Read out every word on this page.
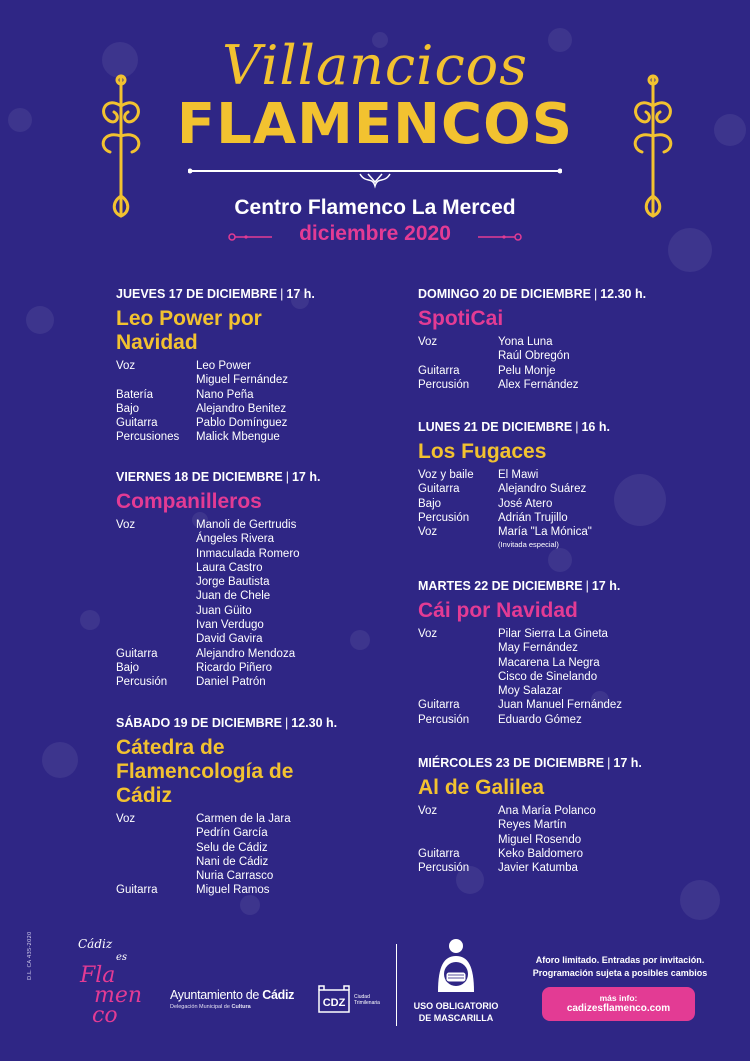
Villancicos
FLAMENCOS
Centro Flamenco La Merced
diciembre 2020
JUEVES 17 DE DICIEMBRE | 17 h.
Leo Power por
Navidad
Voz	Leo Power
Miguel Fernández
Batería	Nano Peña
Bajo	Alejandro Benitez
Guitarra	Pablo Domínguez
Percusiones	Malick Mbengue
VIERNES 18 DE DICIEMBRE | 17 h.
Companilleros
Voz	Manoli de Gertrudis
Ángeles Rivera
Inmaculada Romero
Laura Castro
Jorge Bautista
Juan de Chele
Juan Güito
Ivan Verdugo
David Gavira
Guitarra	Alejandro Mendoza
Bajo	Ricardo Piñero
Percusión	Daniel Patrón
SÁBADO 19 DE DICIEMBRE | 12.30 h.
Cátedra de
Flamencología de
Cádiz
Voz	Carmen de la Jara
Pedrín García
Selu de Cádiz
Nani de Cádiz
Nuria Carrasco
Guitarra	Miguel Ramos
DOMINGO 20 DE DICIEMBRE | 12.30 h.
SpotiCai
Voz	Yona Luna
Raúl Obregón
Guitarra	Pelu Monje
Percusión	Alex Fernández
LUNES 21 DE DICIEMBRE | 16 h.
Los Fugaces
Voz y baile	El Mawi
Guitarra	Alejandro Suárez
Bajo	José Atero
Percusión	Adrián Trujillo
Voz	María "La Mónica"
(Invitada especial)
MARTES 22 DE DICIEMBRE | 17 h.
Cái por Navidad
Voz	Pilar Sierra La Gineta
May Fernández
Macarena La Negra
Cisco de Sinelando
Moy Salazar
Guitarra	Juan Manuel Fernández
Percusión	Eduardo Gómez
MIÉRCOLES 23 DE DICIEMBRE | 17 h.
Al de Galilea
Voz	Ana María Polanco
Reyes Martín
Miguel Rosendo
Guitarra	Keko Baldomero
Percusión	Javier Katumba
D.L. CA 435-2020	Cádiz
es
Fla
men
co
Ayuntamiento de Cádiz
Delegación Municipal de Cultura	CDZ Ciudad
Trimilenaria	USO OBLIGATORIO
DE MASCARILLA
Aforo limitado. Entradas por invitación.
Programación sujeta a posibles cambios
más info:
cadizesflamenco.com
